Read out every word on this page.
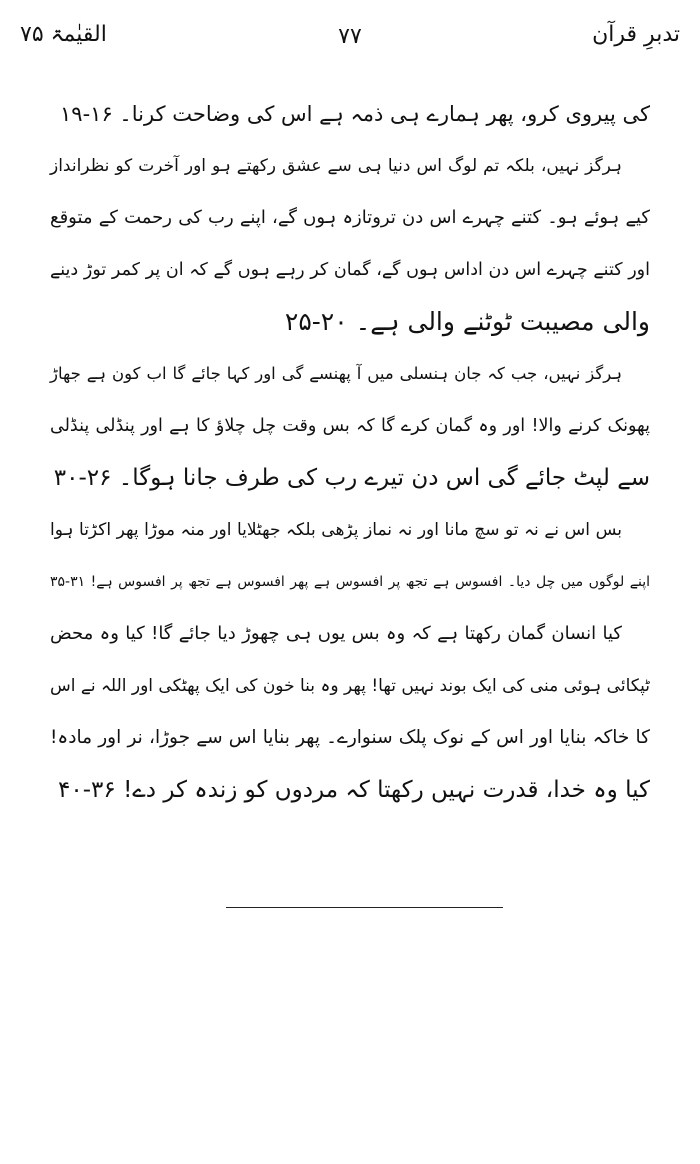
تدبرِ قرآن
٧٧
القیٰمۃ ۷۵

کی پیروی کرو، پھر ہمارے ہی ذمہ ہے اس کی وضاحت کرنا۔ ۱۶-۱۹

ہرگز نہیں، بلکہ تم لوگ اس دنیا ہی سے عشق رکھتے ہو اور آخرت کو نظرانداز
کیے ہوئے ہو۔ کتنے چہرے اس دن تروتازہ ہوں گے، اپنے رب کی رحمت کے متوقع
اور کتنے چہرے اس دن اداس ہوں گے، گمان کر رہے ہوں گے کہ ان پر کمر توڑ دینے
والی مصیبت ٹوٹنے والی ہے۔ ۲۰-۲۵

ہرگز نہیں، جب کہ جان ہنسلی میں آ پھنسے گی اور کہا جائے گا اب کون ہے جھاڑ
پھونک کرنے والا! اور وہ گمان کرے گا کہ بس وقت چل چلاؤ کا ہے اور پنڈلی پنڈلی
سے لپٹ جائے گی اس دن تیرے رب کی طرف جانا ہوگا۔ ۲۶-۳۰

بس اس نے نہ تو سچ مانا اور نہ نماز پڑھی بلکہ جھٹلایا اور منہ موڑا پھر اکڑتا ہوا
اپنے لوگوں میں چل دیا۔ افسوس ہے تجھ پر افسوس ہے پھر افسوس ہے تجھ پر افسوس ہے! ۳۱-۳۵
کیا انسان گمان رکھتا ہے کہ وہ بس یوں ہی چھوڑ دیا جائے گا! کیا وہ محض
ٹپکائی ہوئی منی کی ایک بوند نہیں تھا! پھر وہ بنا خون کی ایک پھٹکی اور اللہ نے اس
کا خاکہ بنایا اور اس کے نوک پلک سنوارے۔ پھر بنایا اس سے جوڑا، نر اور مادہ!
کیا وہ خدا، قدرت نہیں رکھتا کہ مردوں کو زندہ کر دے! ۳۶-۴۰
